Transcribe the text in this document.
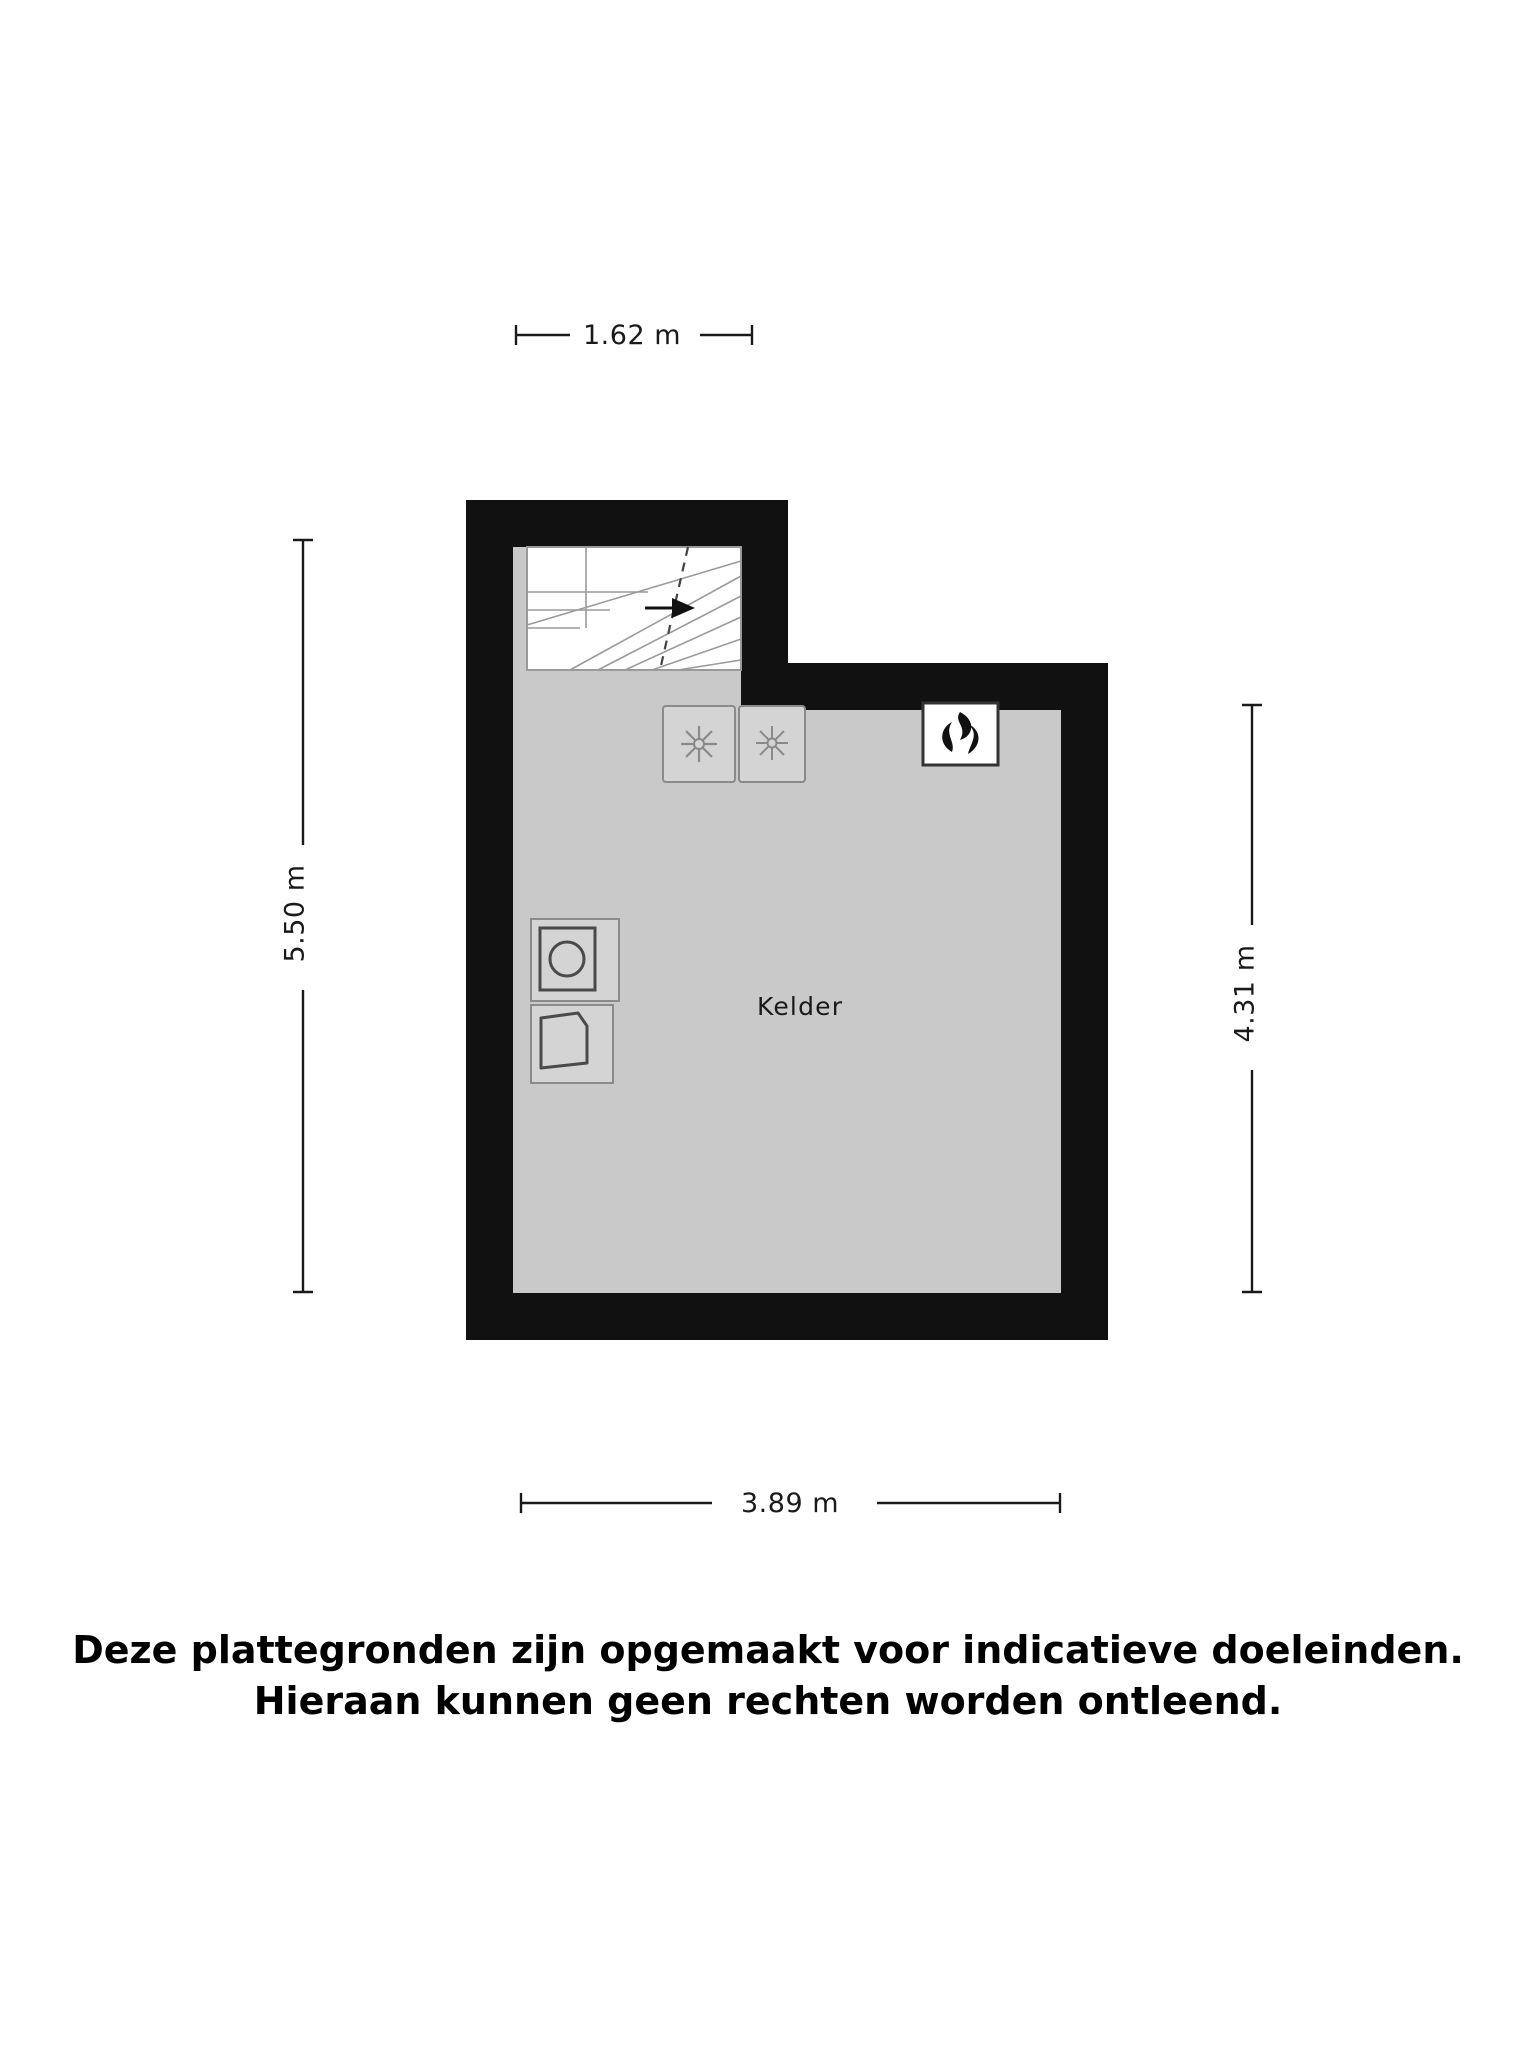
1.62 m
5.50 m
4.31 m
3.89 m
Kelder
Deze plattegronden zijn opgemaakt voor indicatieve doeleinden.
Hieraan kunnen geen rechten worden ontleend.
